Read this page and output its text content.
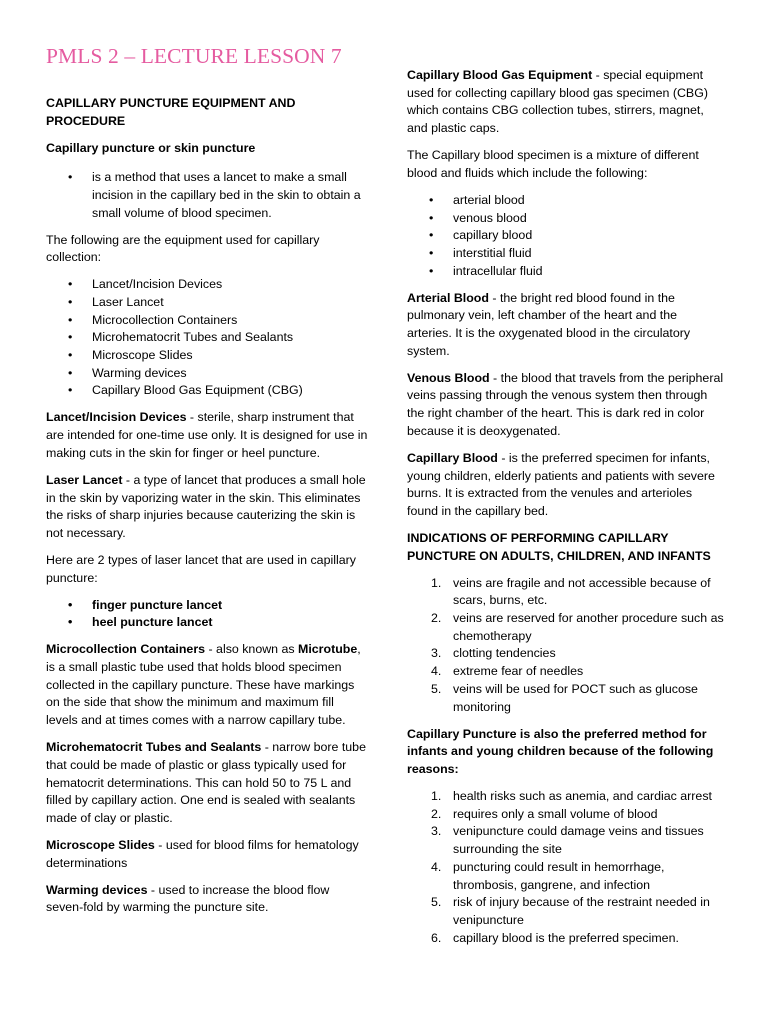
PMLS 2 – LECTURE LESSON 7

CAPILLARY PUNCTURE EQUIPMENT AND PROCEDURE

Capillary puncture or skin puncture

• is a method that uses a lancet to make a small incision in the capillary bed in the skin to obtain a small volume of blood specimen.

The following are the equipment used for capillary collection:

• Lancet/Incision Devices
• Laser Lancet
• Microcollection Containers
• Microhematocrit Tubes and Sealants
• Microscope Slides
• Warming devices
• Capillary Blood Gas Equipment (CBG)

Lancet/Incision Devices - sterile, sharp instrument that are intended for one-time use only. It is designed for use in making cuts in the skin for finger or heel puncture.

Laser Lancet - a type of lancet that produces a small hole in the skin by vaporizing water in the skin. This eliminates the risks of sharp injuries because cauterizing the skin is not necessary.

Here are 2 types of laser lancet that are used in capillary puncture:

• finger puncture lancet
• heel puncture lancet

Microcollection Containers - also known as Microtube, is a small plastic tube used that holds blood specimen collected in the capillary puncture. These have markings on the side that show the minimum and maximum fill levels and at times comes with a narrow capillary tube.

Microhematocrit Tubes and Sealants - narrow bore tube that could be made of plastic or glass typically used for hematocrit determinations. This can hold 50 to 75 L and filled by capillary action. One end is sealed with sealants made of clay or plastic.

Microscope Slides - used for blood films for hematology determinations

Warming devices - used to increase the blood flow seven-fold by warming the puncture site.

Capillary Blood Gas Equipment - special equipment used for collecting capillary blood gas specimen (CBG) which contains CBG collection tubes, stirrers, magnet, and plastic caps.

The Capillary blood specimen is a mixture of different blood and fluids which include the following:

• arterial blood
• venous blood
• capillary blood
• interstitial fluid
• intracellular fluid

Arterial Blood - the bright red blood found in the pulmonary vein, left chamber of the heart and the arteries. It is the oxygenated blood in the circulatory system.

Venous Blood - the blood that travels from the peripheral veins passing through the venous system then through the right chamber of the heart. This is dark red in color because it is deoxygenated.

Capillary Blood - is the preferred specimen for infants, young children, elderly patients and patients with severe burns. It is extracted from the venules and arterioles found in the capillary bed.

INDICATIONS OF PERFORMING CAPILLARY PUNCTURE ON ADULTS, CHILDREN, AND INFANTS

1. veins are fragile and not accessible because of scars, burns, etc.
2. veins are reserved for another procedure such as chemotherapy
3. clotting tendencies
4. extreme fear of needles
5. veins will be used for POCT such as glucose monitoring

Capillary Puncture is also the preferred method for infants and young children because of the following reasons:

1. health risks such as anemia, and cardiac arrest
2. requires only a small volume of blood
3. venipuncture could damage veins and tissues surrounding the site
4. puncturing could result in hemorrhage, thrombosis, gangrene, and infection
5. risk of injury because of the restraint needed in venipuncture
6. capillary blood is the preferred specimen.
